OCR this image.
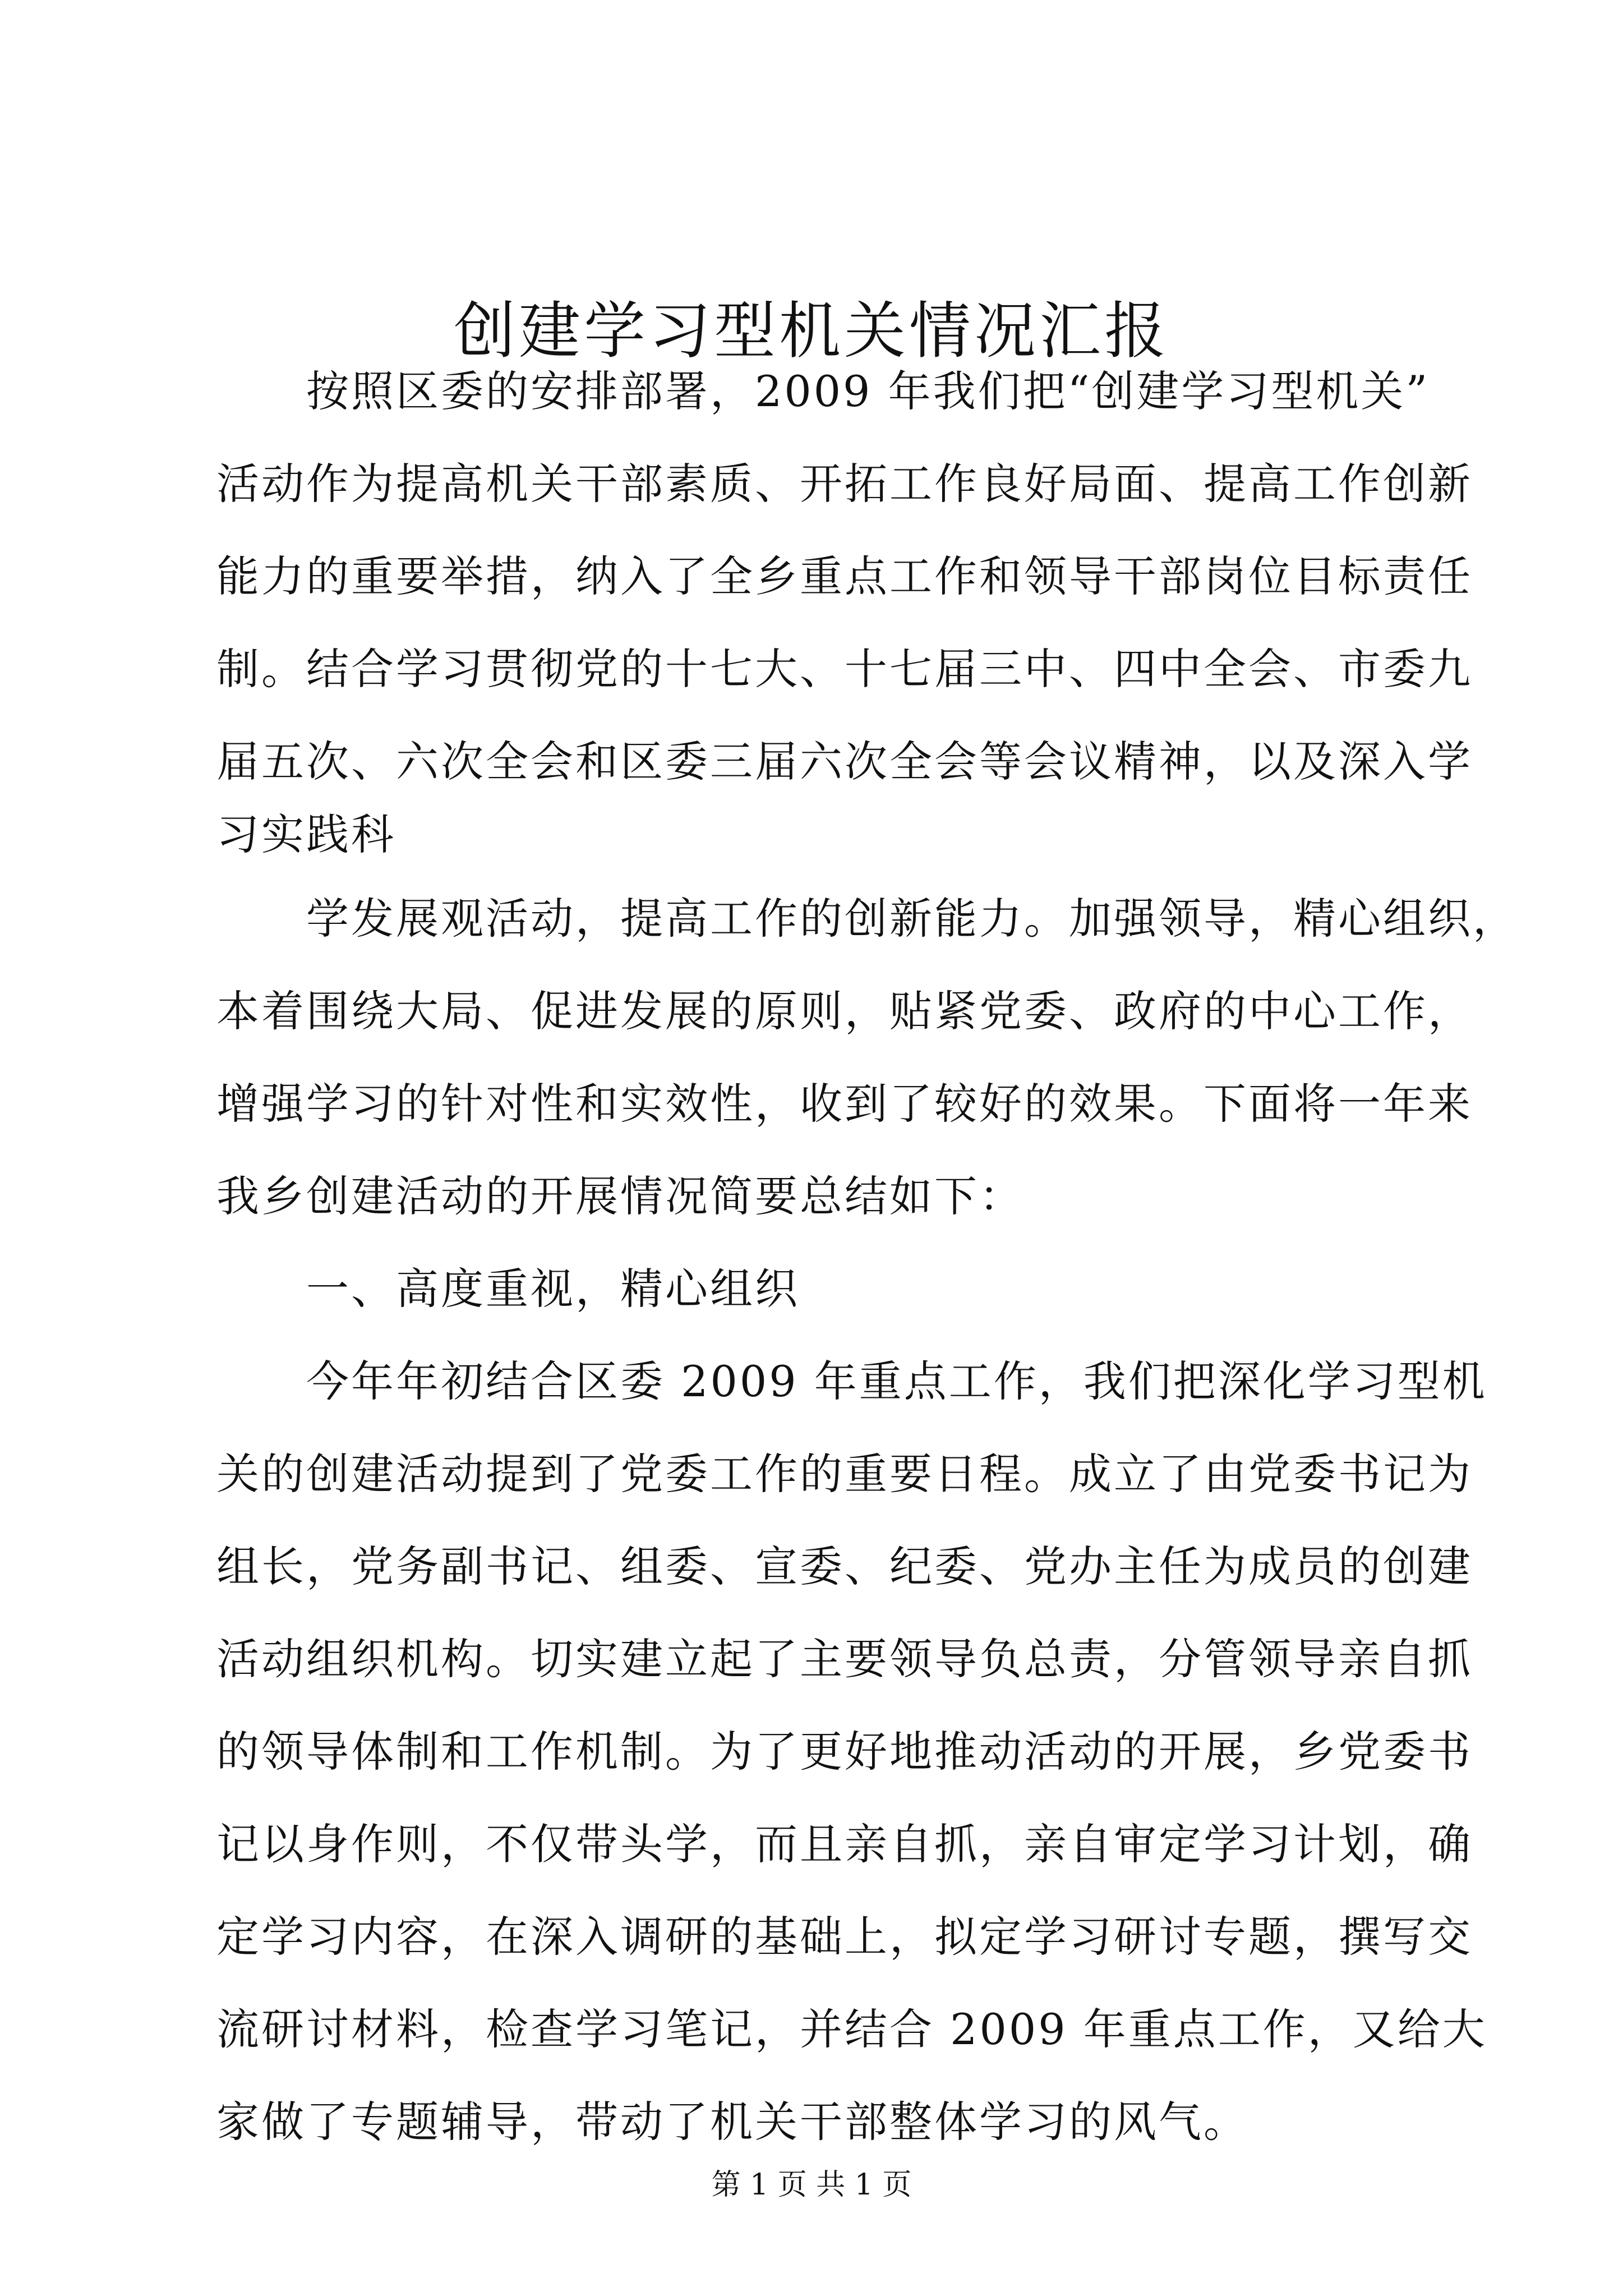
创建学习型机关情况汇报

按照区委的安排部署，2009 年我们把“创建学习型机关”

活动作为提高机关干部素质、开拓工作良好局面、提高工作创新

能力的重要举措，纳入了全乡重点工作和领导干部岗位目标责任

制。结合学习贯彻党的十七大、十七届三中、四中全会、市委九

届五次、六次全会和区委三届六次全会等会议精神，以及深入学

习实践科

学发展观活动，提高工作的创新能力。加强领导，精心组织，

本着围绕大局、促进发展的原则，贴紧党委、政府的中心工作，

增强学习的针对性和实效性，收到了较好的效果。下面将一年来

我乡创建活动的开展情况简要总结如下：

一、高度重视，精心组织

今年年初结合区委 2009 年重点工作，我们把深化学习型机

关的创建活动提到了党委工作的重要日程。成立了由党委书记为

组长，党务副书记、组委、宣委、纪委、党办主任为成员的创建

活动组织机构。切实建立起了主要领导负总责，分管领导亲自抓

的领导体制和工作机制。为了更好地推动活动的开展，乡党委书

记以身作则，不仅带头学，而且亲自抓，亲自审定学习计划，确

定学习内容，在深入调研的基础上，拟定学习研讨专题，撰写交

流研讨材料，检查学习笔记，并结合 2009 年重点工作，又给大

家做了专题辅导，带动了机关干部整体学习的风气。

第 1 页 共 1 页
